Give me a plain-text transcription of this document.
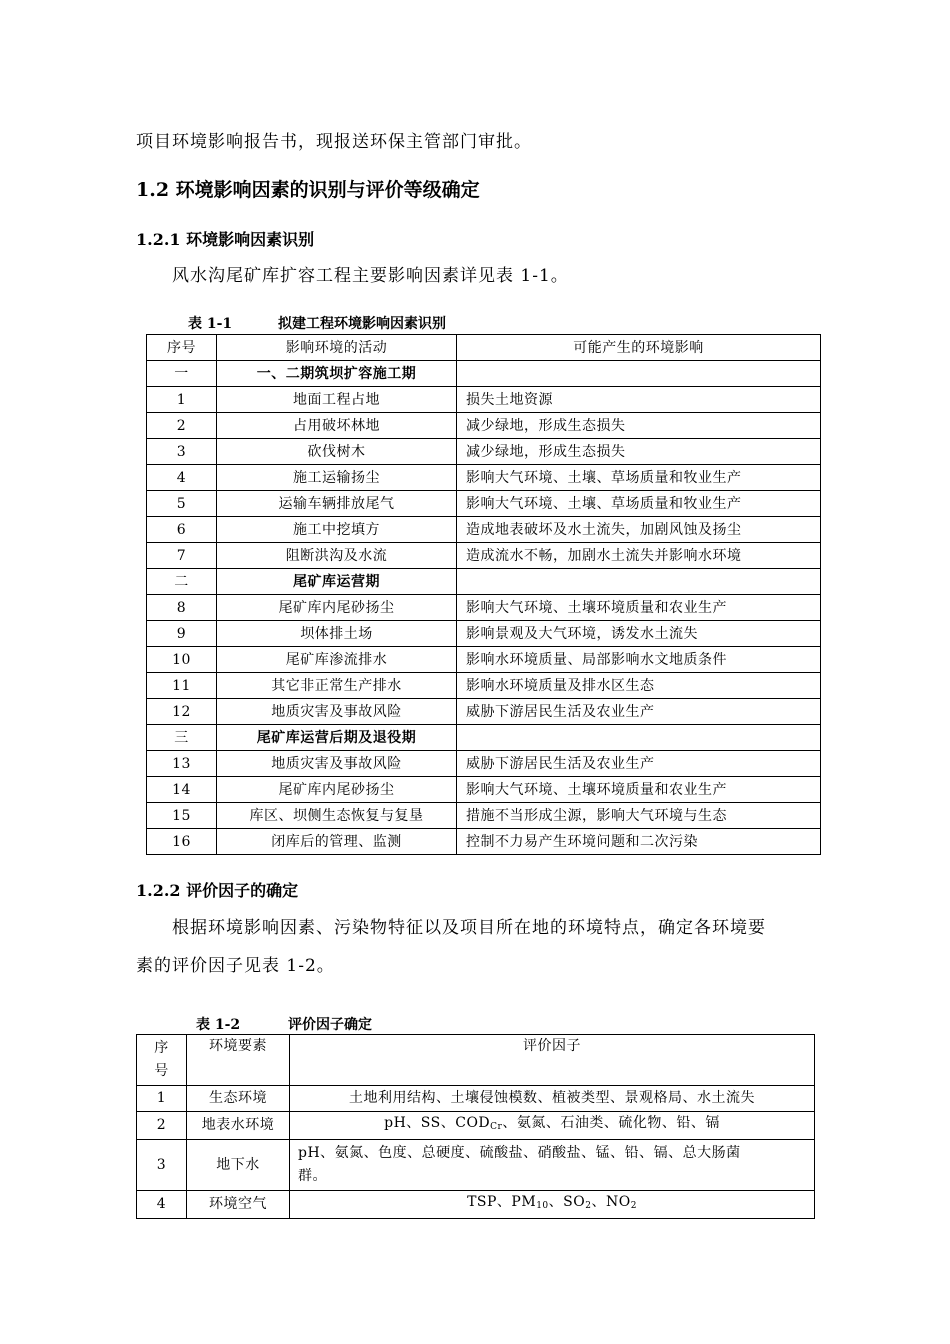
项目环境影响报告书，现报送环保主管部门审批。
1.2 环境影响因素的识别与评价等级确定
1.2.1 环境影响因素识别
风水沟尾矿库扩容工程主要影响因素详见表 1-1。
表 1-1	拟建工程环境影响因素识别
序号	影响环境的活动	可能产生的环境影响
一	一、二期筑坝扩容施工期	
1	地面工程占地	损失土地资源
2	占用破坏林地	减少绿地，形成生态损失
3	砍伐树木	减少绿地，形成生态损失
4	施工运输扬尘	影响大气环境、土壤、草场质量和牧业生产
5	运输车辆排放尾气	影响大气环境、土壤、草场质量和牧业生产
6	施工中挖填方	造成地表破坏及水土流失，加剧风蚀及扬尘
7	阻断洪沟及水流	造成流水不畅，加剧水土流失并影响水环境
二	尾矿库运营期	
8	尾矿库内尾砂扬尘	影响大气环境、土壤环境质量和农业生产
9	坝体排土场	影响景观及大气环境，诱发水土流失
10	尾矿库渗流排水	影响水环境质量、局部影响水文地质条件
11	其它非正常生产排水	影响水环境质量及排水区生态
12	地质灾害及事故风险	威胁下游居民生活及农业生产
三	尾矿库运营后期及退役期	
13	地质灾害及事故风险	威胁下游居民生活及农业生产
14	尾矿库内尾砂扬尘	影响大气环境、土壤环境质量和农业生产
15	库区、坝侧生态恢复与复垦	措施不当形成尘源，影响大气环境与生态
16	闭库后的管理、监测	控制不力易产生环境问题和二次污染
1.2.2 评价因子的确定
根据环境影响因素、污染物特征以及项目所在地的环境特点，确定各环境要
素的评价因子见表 1-2。
表 1-2	评价因子确定
序
号	环境要素	评价因子
1	生态环境	土地利用结构、土壤侵蚀模数、植被类型、景观格局、水土流失
2	地表水环境	pH、SS、$COD_{Cr}$、氨氮、石油类、硫化物、铅、镉
3	地下水	pH、氨氮、色度、总硬度、硫酸盐、硝酸盐、锰、铅、镉、总大肠菌
群。
4	环境空气	TSP、$PM_{10}$、$SO_2$、$NO_2$
